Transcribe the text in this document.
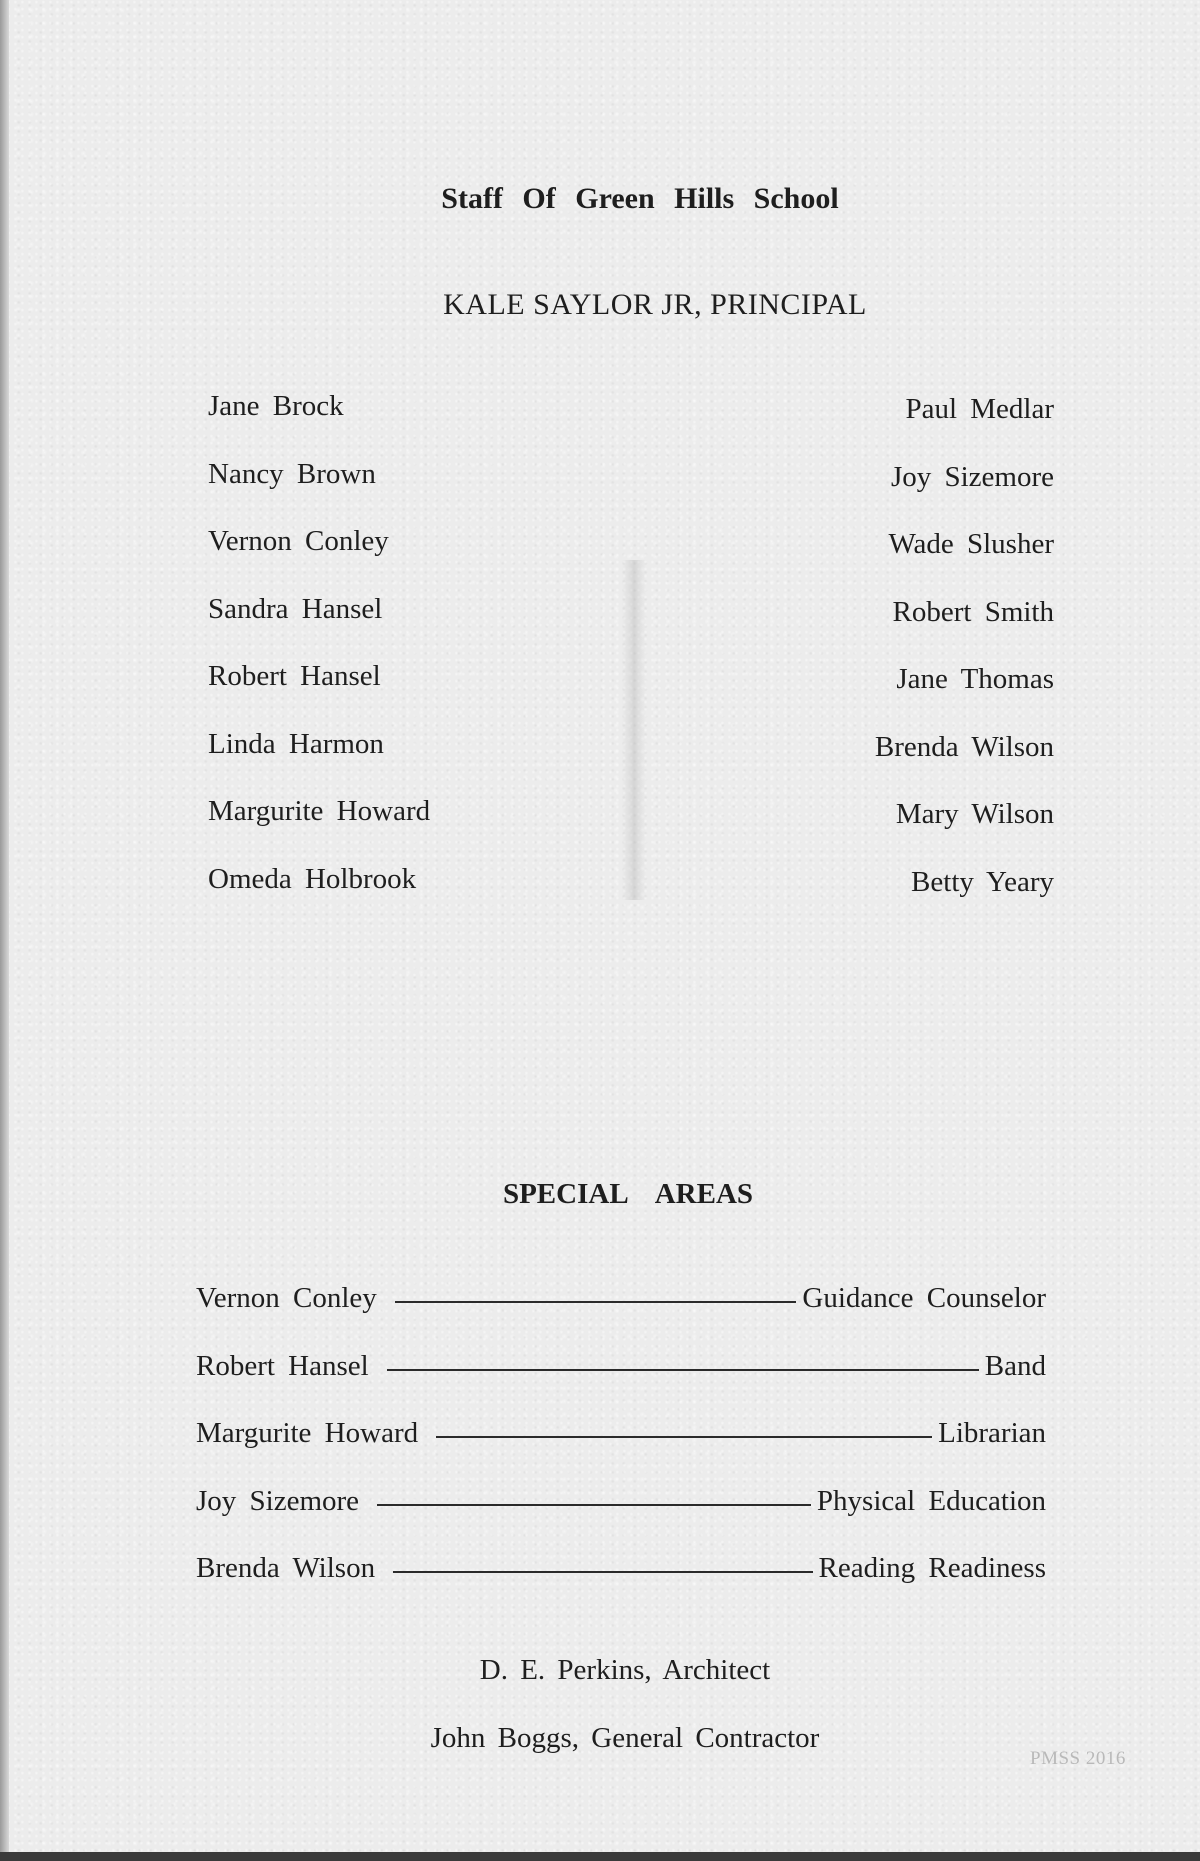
Staff Of Green Hills School
KALE SAYLOR JR, PRINCIPAL
Jane Brock
Nancy Brown
Vernon Conley
Sandra Hansel
Robert Hansel
Linda Harmon
Margurite Howard
Omeda Holbrook
Paul Medlar
Joy Sizemore
Wade Slusher
Robert Smith
Jane Thomas
Brenda Wilson
Mary Wilson
Betty Yeary
SPECIAL AREAS
Vernon Conley	Guidance Counselor
Robert Hansel	Band
Margurite Howard	Librarian
Joy Sizemore	Physical Education
Brenda Wilson	Reading Readiness
D. E. Perkins, Architect
John Boggs, General Contractor
PMSS 2016
